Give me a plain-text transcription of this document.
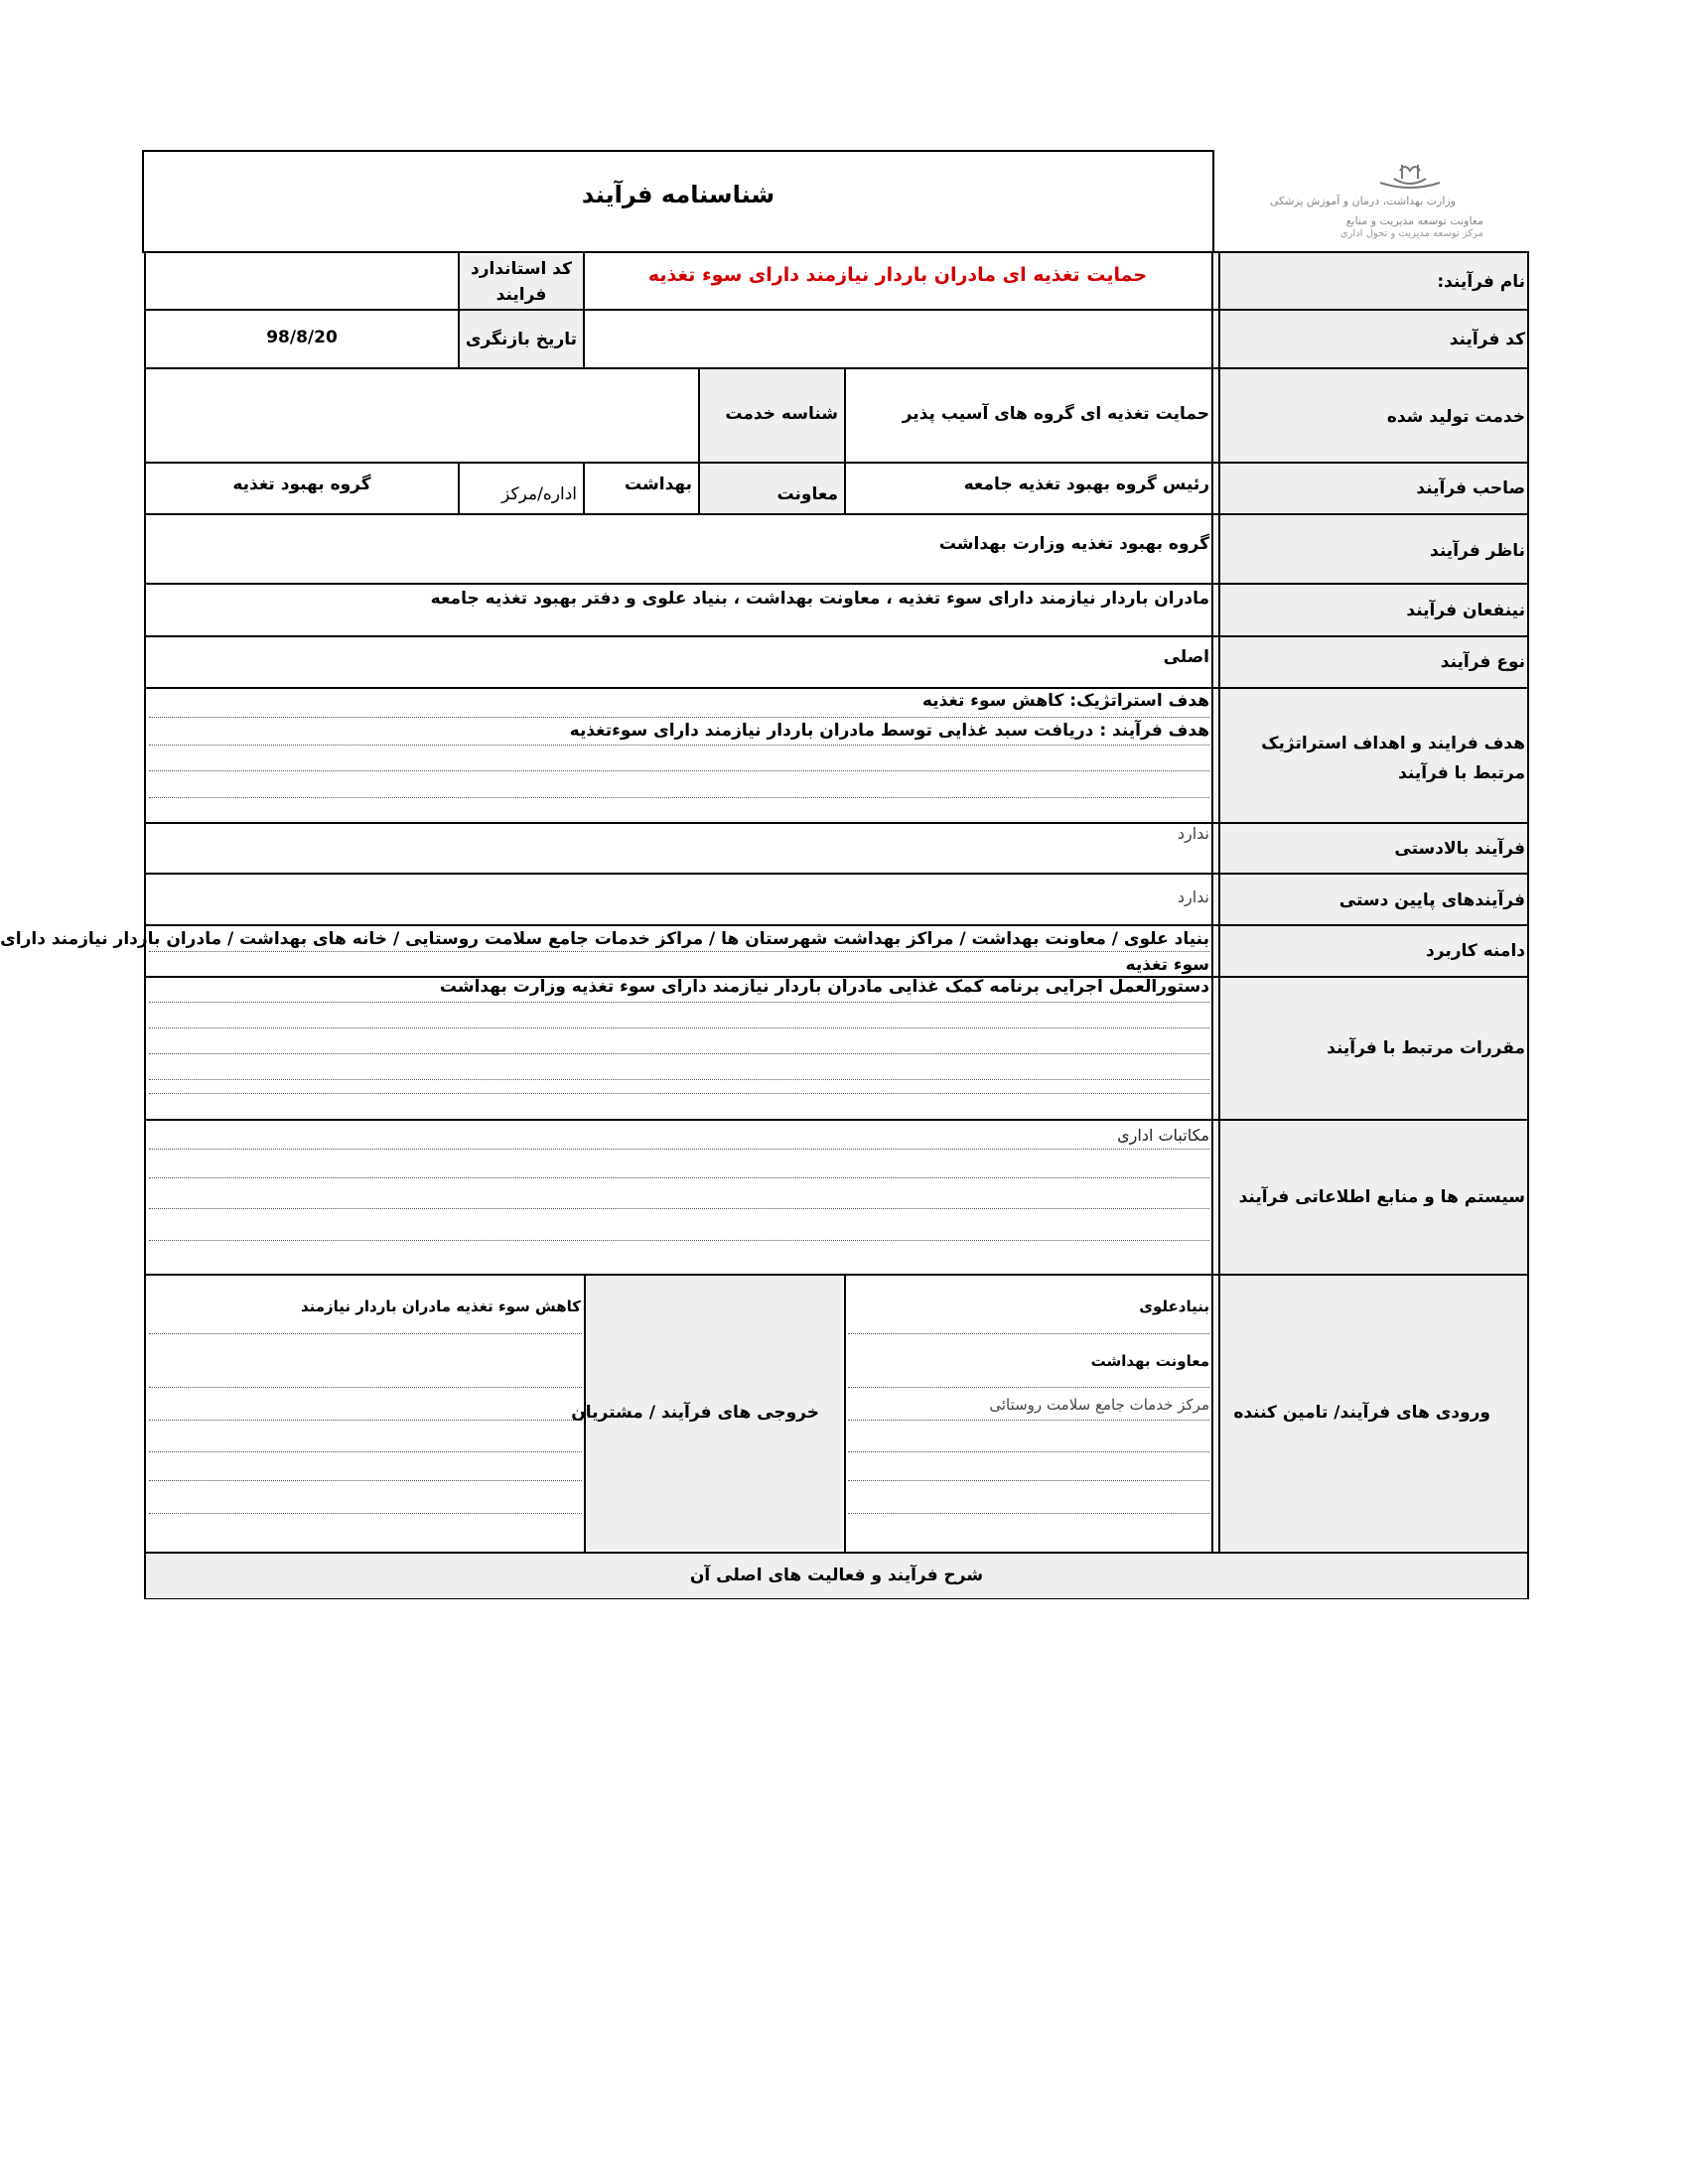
وزارت بهداشت، درمان و آموزش پزشکی
معاونت توسعه مدیریت و منابع
مرکز توسعه مدیریت و تحول اداری
شناسنامه فرآیند
نام فرآیند:
کد فرآیند
خدمت تولید شده
صاحب فرآیند
ناظر فرآیند
نینفعان فرآیند
نوع فرآیند
هدف فرایند و اهداف استراتژیک مرتبط با فرآیند
فرآیند بالادستی
فرآیندهای پایین دستی
دامنه کاربرد
مقررات مرتبط با فرآیند
سیستم ها و منابع اطلاعاتی فرآیند
ورودی های فرآیند/ تامین کننده
کد استاندارد فرایند
تاریخ بازنگری
شناسه خدمت
معاونت
اداره/مرکز
خروجی های فرآیند / مشتریان
شرح فرآیند و فعالیت های اصلی آن
حمایت تغذیه ای مادران باردار نیازمند دارای سوء تغذیه
98/8/20
حمایت تغذیه ای گروه های آسیب پذیر
رئیس گروه بهبود تغذیه جامعه
بهداشت
گروه بهبود تغذیه
گروه بهبود تغذیه وزارت بهداشت
مادران باردار نیازمند دارای سوء تغذیه ، معاونت بهداشت ، بنیاد علوی و دفتر بهبود تغذیه جامعه
اصلی
هدف استراتژیک: کاهش سوء تغذیه
هدف فرآیند : دریافت سبد غذایی توسط مادران باردار نیازمند دارای سوءتغذیه
ندارد
ندارد
بنیاد علوی / معاونت بهداشت / مراکز بهداشت شهرستان ها / مراکز خدمات جامع سلامت روستایی / خانه های بهداشت / مادران باردار نیازمند دارای
سوء تغذیه
دستورالعمل اجرایی برنامه کمک غذایی مادران باردار نیازمند دارای سوء تغذیه وزارت بهداشت
مکاتبات اداری
بنیادعلوی
معاونت بهداشت
مرکز خدمات جامع سلامت روستائی
کاهش سوء تغذیه مادران باردار نیازمند
